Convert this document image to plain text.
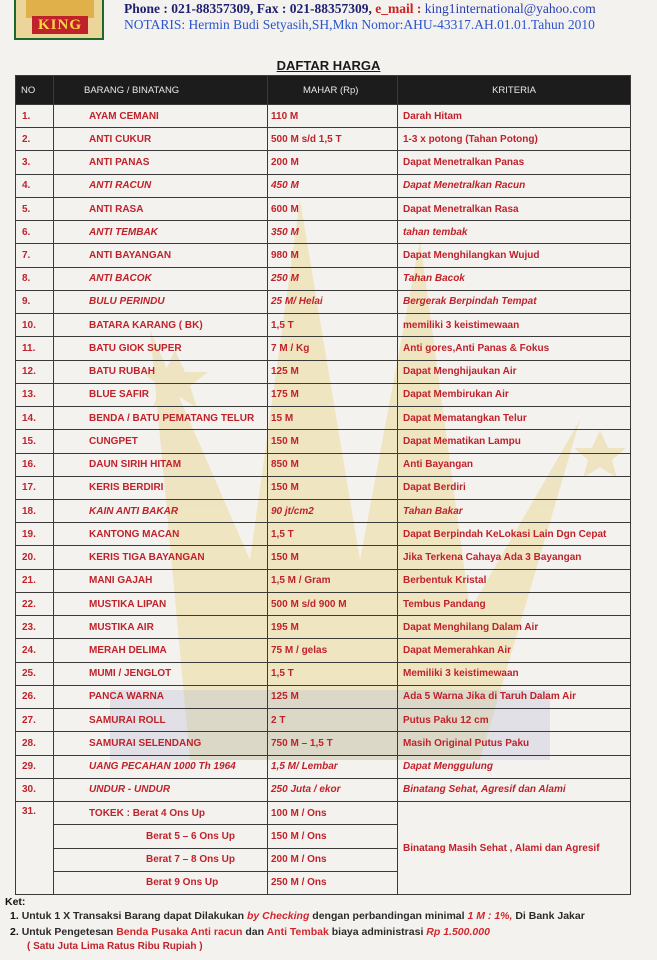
KING
Phone : 021-88357309, Fax : 021-88357309, e_mail : king1international@yahoo.com
NOTARIS: Hermin Budi Setyasih,SH,Mkn Nomor:AHU-43317.AH.01.01.Tahun 2010
DAFTAR HARGA
NO	BARANG / BINATANG	MAHAR (Rp)	KRITERIA
1.	AYAM CEMANI	110 M	Darah Hitam
2.	ANTI CUKUR	500 M s/d 1,5 T	1-3 x potong (Tahan Potong)
3.	ANTI PANAS	200 M	Dapat Menetralkan Panas
4.	ANTI RACUN	450 M	Dapat Menetralkan Racun
5.	ANTI RASA	600 M	Dapat Menetralkan Rasa
6.	ANTI TEMBAK	350 M	tahan tembak
7.	ANTI BAYANGAN	980 M	Dapat Menghilangkan Wujud
8.	ANTI BACOK	250 M	Tahan Bacok
9.	BULU PERINDU	25 M/ Helai	Bergerak Berpindah Tempat
10.	BATARA KARANG ( BK)	1,5 T	memiliki 3 keistimewaan
11.	BATU GIOK SUPER	7 M / Kg	Anti gores,Anti Panas & Fokus
12.	BATU RUBAH	125 M	Dapat Menghijaukan Air
13.	BLUE SAFIR	175 M	Dapat Membirukan Air
14.	BENDA / BATU PEMATANG TELUR	15 M	Dapat Mematangkan Telur
15.	CUNGPET	150 M	Dapat Mematikan Lampu
16.	DAUN SIRIH HITAM	850 M	Anti Bayangan
17.	KERIS BERDIRI	150 M	Dapat Berdiri
18.	KAIN ANTI BAKAR	90 jt/cm2	Tahan Bakar
19.	KANTONG MACAN	1,5 T	Dapat Berpindah KeLokasi Lain Dgn Cepat
20.	KERIS TIGA BAYANGAN	150 M	Jika Terkena Cahaya Ada 3 Bayangan
21.	MANI GAJAH	1,5 M / Gram	Berbentuk Kristal
22.	MUSTIKA LIPAN	500 M s/d 900 M	Tembus Pandang
23.	MUSTIKA AIR	195 M	Dapat Menghilang Dalam Air
24.	MERAH DELIMA	75 M / gelas	Dapat Memerahkan Air
25.	MUMI / JENGLOT	1,5 T	Memiliki 3 keistimewaan
26.	PANCA WARNA	125 M	Ada 5 Warna Jika di Taruh Dalam Air
27.	SAMURAI ROLL	2 T	Putus Paku 12 cm
28.	SAMURAI SELENDANG	750 M – 1,5 T	Masih Original Putus Paku
29.	UANG PECAHAN 1000 Th 1964	1,5 M/ Lembar	Dapat Menggulung
30.	UNDUR - UNDUR	250 Juta / ekor	Binatang Sehat, Agresif dan Alami
31.	TOKEK : Berat 4 Ons Up	100 M / Ons	Binatang Masih Sehat , Alami dan Agresif
	Berat 5 – 6 Ons Up	150 M / Ons	
	Berat 7 – 8 Ons Up	200 M / Ons	
	Berat 9 Ons Up	250 M / Ons	
Ket:
1. Untuk 1 X Transaksi Barang dapat Dilakukan by Checking dengan perbandingan minimal 1 M : 1%, Di Bank Jakar
2. Untuk Pengetesan Benda Pusaka Anti racun dan Anti Tembak biaya administrasi Rp 1.500.000
( Satu Juta Lima Ratus Ribu Rupiah )
